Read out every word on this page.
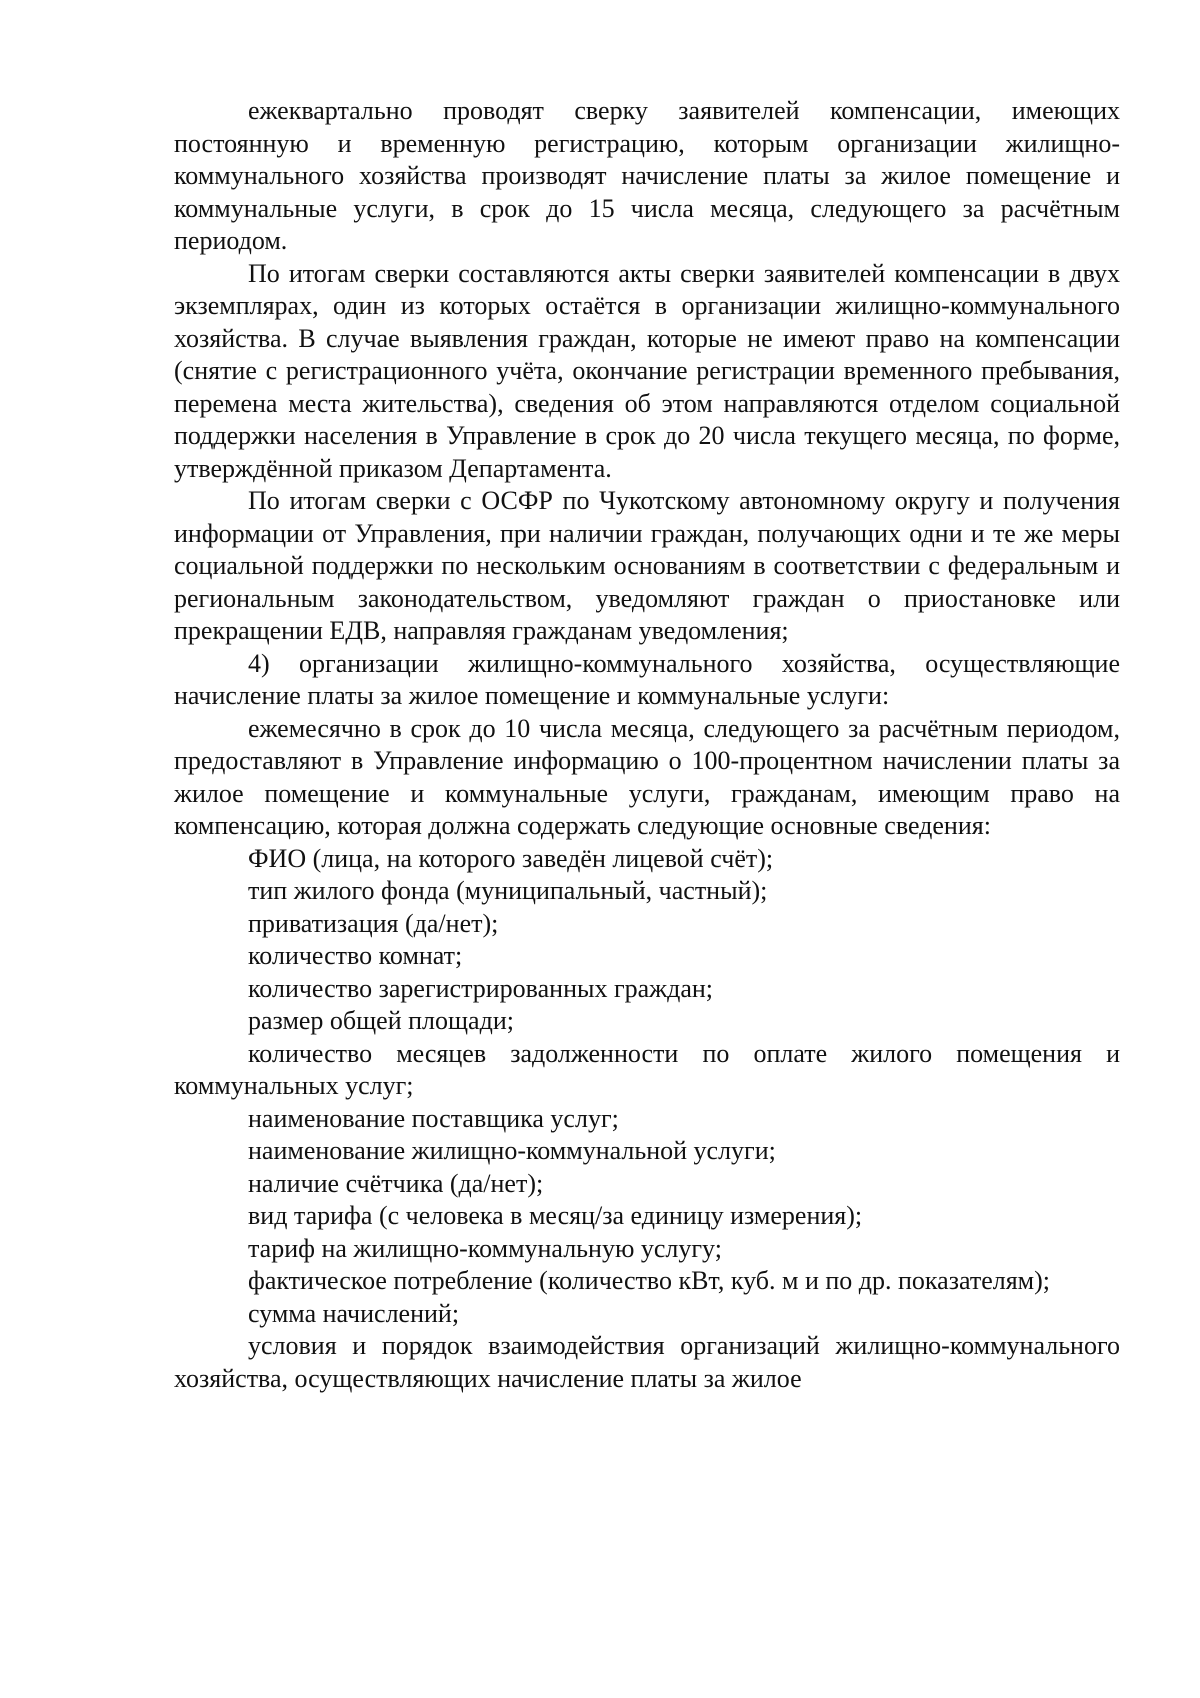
ежеквартально проводят сверку заявителей компенсации, имеющих постоянную и временную регистрацию, которым организации жилищно-коммунального хозяйства производят начисление платы за жилое помещение и коммунальные услуги, в срок до 15 числа месяца, следующего за расчётным периодом.

По итогам сверки составляются акты сверки заявителей компенсации в двух экземплярах, один из которых остаётся в организации жилищно-коммунального хозяйства. В случае выявления граждан, которые не имеют право на компенсации (снятие с регистрационного учёта, окончание регистрации временного пребывания, перемена места жительства), сведения об этом направляются отделом социальной поддержки населения в Управление в срок до 20 числа текущего месяца, по форме, утверждённой приказом Департамента.

По итогам сверки с ОСФР по Чукотскому автономному округу и получения информации от Управления, при наличии граждан, получающих одни и те же меры социальной поддержки по нескольким основаниям в соответствии с федеральным и региональным законодательством, уведомляют граждан о приостановке или прекращении ЕДВ, направляя гражданам уведомления;

4) организации жилищно-коммунального хозяйства, осуществляющие начисление платы за жилое помещение и коммунальные услуги:

ежемесячно в срок до 10 числа месяца, следующего за расчётным периодом, предоставляют в Управление информацию о 100-процентном начислении платы за жилое помещение и коммунальные услуги, гражданам, имеющим право на компенсацию, которая должна содержать следующие основные сведения:

ФИО (лица, на которого заведён лицевой счёт);

тип жилого фонда (муниципальный, частный);

приватизация (да/нет);

количество комнат;

количество зарегистрированных граждан;

размер общей площади;

количество месяцев задолженности по оплате жилого помещения и коммунальных услуг;

наименование поставщика услуг;

наименование жилищно-коммунальной услуги;

наличие счётчика (да/нет);

вид тарифа (с человека в месяц/за единицу измерения);

тариф на жилищно-коммунальную услугу;

фактическое потребление (количество кВт, куб. м и по др. показателям);

сумма начислений;

условия и порядок взаимодействия организаций жилищно-коммунального хозяйства, осуществляющих начисление платы за жилое
